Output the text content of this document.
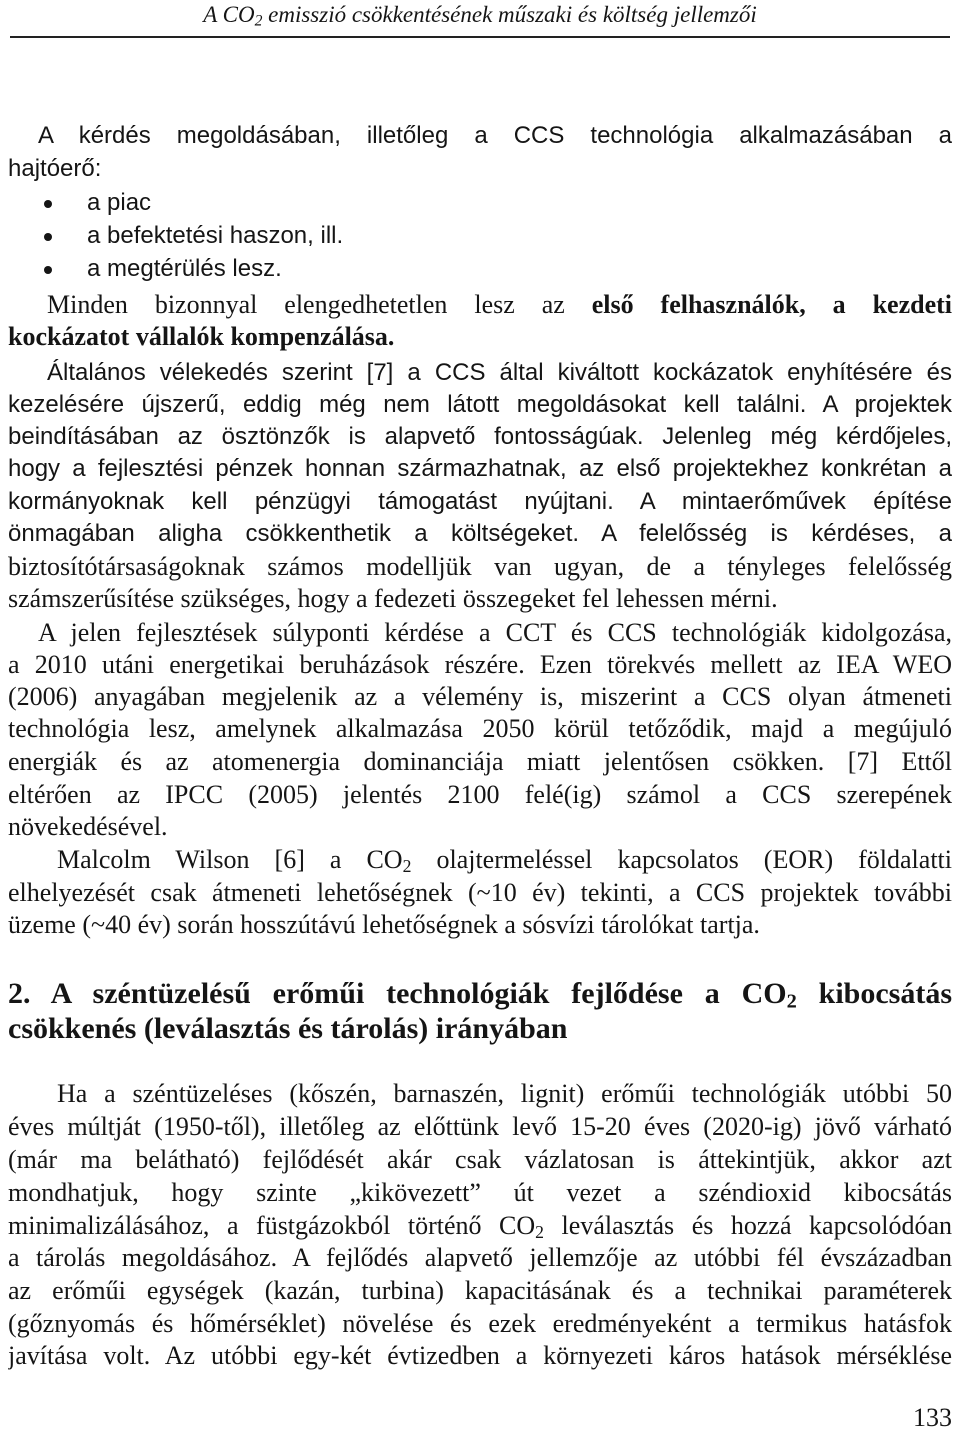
A $CO_2$ emisszió csökkentésének műszaki és költség jellemzői
A kérdés megoldásában, illetőleg a CCS technológia alkalmazásában a
hajtóerő:
a piac
a befektetési haszon, ill.
a megtérülés lesz.
Minden bizonnyal elengedhetetlen lesz az első felhasználók, a kezdeti
kockázatot vállalók kompenzálása.
Általános vélekedés szerint [7] a CCS által kiváltott kockázatok enyhítésére és
kezelésére újszerű, eddig még nem látott megoldásokat kell találni. A projektek
beindításában az ösztönzők is alapvető fontosságúak. Jelenleg még kérdőjeles,
hogy a fejlesztési pénzek honnan származhatnak, az első projektekhez konkrétan a
kormányoknak kell pénzügyi támogatást nyújtani. A mintaerőművek építése
önmagában aligha csökkenthetik a költségeket. A felelősség is kérdéses, a
biztosítótársaságoknak számos modelljük van ugyan, de a tényleges felelősség
számszerűsítése szükséges, hogy a fedezeti összegeket fel lehessen mérni.
A jelen fejlesztések súlyponti kérdése a CCT és CCS technológiák kidolgozása,
a 2010 utáni energetikai beruházások részére. Ezen törekvés mellett az IEA WEO
(2006) anyagában megjelenik az a vélemény is, miszerint a CCS olyan átmeneti
technológia lesz, amelynek alkalmazása 2050 körül tetőződik, majd a megújuló
energiák és az atomenergia dominanciája miatt jelentősen csökken. [7] Ettől
eltérően az IPCC (2005) jelentés 2100 felé(ig) számol a CCS szerepének
növekedésével.
Malcolm Wilson [6] a $CO_2$ olajtermeléssel kapcsolatos (EOR) földalatti
elhelyezését csak átmeneti lehetőségnek (~10 év) tekinti, a CCS projektek további
üzeme (~40 év) során hosszútávú lehetőségnek a sósvízi tárolókat tartja.
2. A széntüzelésű erőműi technológiák fejlődése a $CO_2$ kibocsátás
csökkenés (leválasztás és tárolás) irányában
Ha a széntüzeléses (kőszén, barnaszén, lignit) erőműi technológiák utóbbi 50
éves múltját (1950-től), illetőleg az előttünk levő 15-20 éves (2020-ig) jövő várható
(már ma belátható) fejlődését akár csak vázlatosan is áttekintjük, akkor azt
mondhatjuk, hogy szinte „kikövezett” út vezet a széndioxid kibocsátás
minimalizálásához, a füstgázokból történő $CO_2$ leválasztás és hozzá kapcsolódóan
a tárolás megoldásához. A fejlődés alapvető jellemzője az utóbbi fél évszázadban
az erőműi egységek (kazán, turbina) kapacitásának és a technikai paraméterek
(gőznyomás és hőmérséklet) növelése és ezek eredményeként a termikus hatásfok
javítása volt. Az utóbbi egy-két évtizedben a környezeti káros hatások mérséklése
133
